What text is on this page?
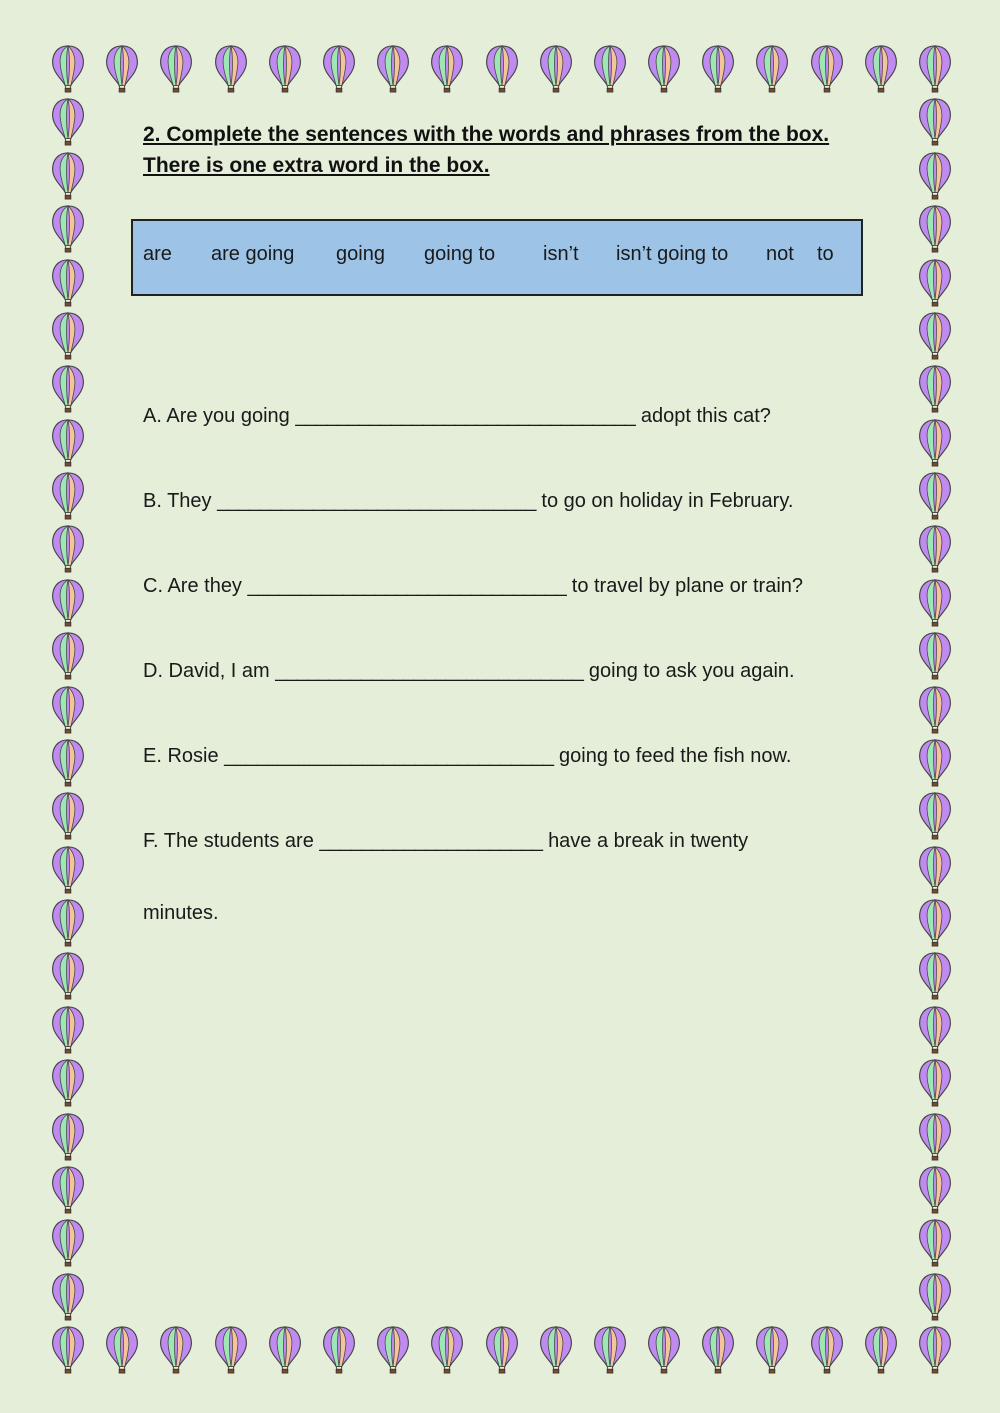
2. Complete the sentences with the words and phrases from the box.
There is one extra word in the box.
are are going going going to isn’t isn’t going to not to
A. Are you going ________________________________ adopt this cat?
B. They ______________________________ to go on holiday in February.
C. Are they ______________________________ to travel by plane or train?
D. David, I am _____________________________ going to ask you again.
E. Rosie _______________________________ going to feed the fish now.
F. The students are _____________________ have a break in twenty
minutes.
